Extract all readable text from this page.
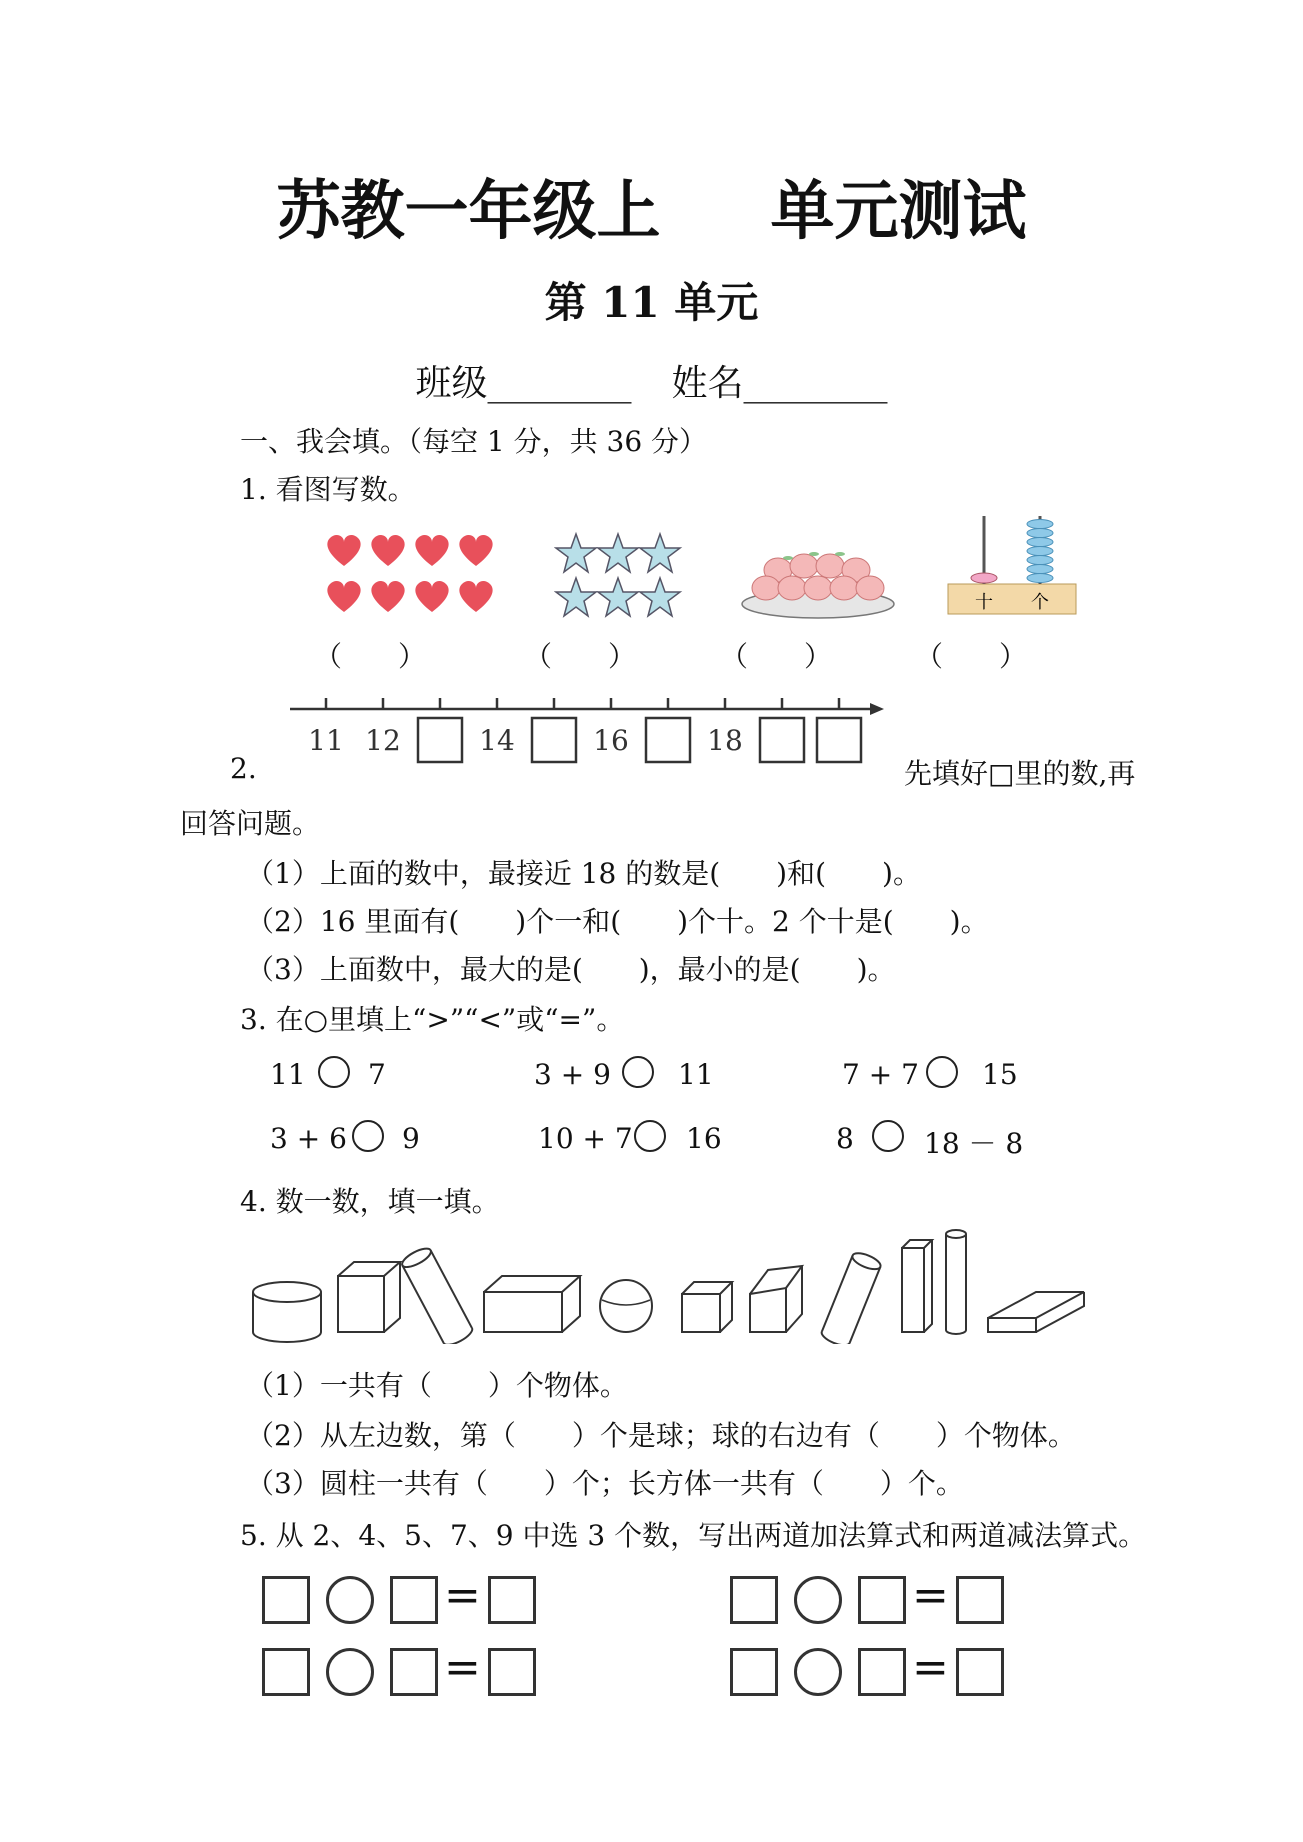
苏教一年级上 单元测试
第 11 单元
班级________ 姓名________
一、我会填。（每空 1 分，共 36 分）
1. 看图写数。
十 个
（　　）	（　　）	（　　）	（　　）
11 12	14	16	18
2.	先填好□里的数,再
回答问题。
（1）上面的数中，最接近 18 的数是(　　)和(　　)。
（2）16 里面有(　　)个一和(　　)个十。2 个十是(　　)。
（3）上面数中，最大的是(　　)，最小的是(　　)。
3. 在○里填上“>”“<”或“=”。
11 7	3 + 9 11	7 + 7 15
3 + 6 9	10 + 7 16	8	18 － 8
4. 数一数，填一填。
（1）一共有（　　）个物体。
（2）从左边数，第（　　）个是球；球的右边有（　　）个物体。
（3）圆柱一共有（　　）个；长方体一共有（　　）个。
5. 从 2、4、5、7、9 中选 3 个数，写出两道加法算式和两道减法算式。
=	=
=	=
